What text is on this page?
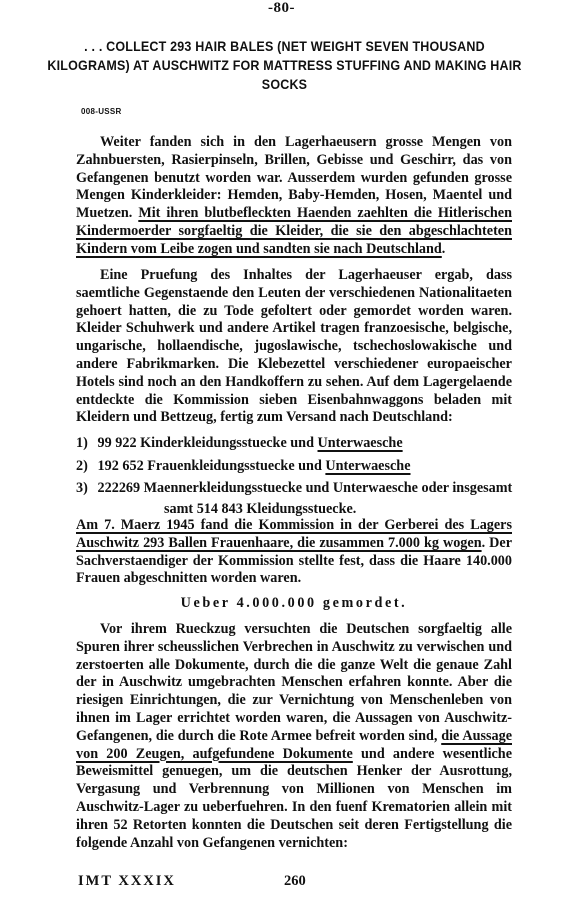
-80-
. . . COLLECT 293 HAIR BALES (NET WEIGHT SEVEN THOUSAND KILOGRAMS) AT AUSCHWITZ FOR MATTRESS STUFFING AND MAKING HAIR SOCKS
008-USSR

Weiter fanden sich in den Lagerhaeusern grosse Mengen von Zahnbuersten, Rasierpinseln, Brillen, Gebisse und Geschirr, das von Gefangenen benutzt worden war. Ausserdem wurden gefunden grosse Mengen Kinderkleider: Hemden, Baby-Hemden, Hosen, Maentel und Muetzen. Mit ihren blutbefleckten Haenden zaehlten die Hitlerischen Kindermoerder sorgfaeltig die Kleider, die sie den abgeschlachteten Kindern vom Leibe zogen und sandten sie nach Deutschland.

Eine Pruefung des Inhaltes der Lagerhaeuser ergab, dass saemtliche Gegenstaende den Leuten der verschiedenen Nationalitaeten gehoert hatten, die zu Tode gefoltert oder gemordet worden waren. Kleider Schuhwerk und andere Artikel tragen franzoesische, belgische, ungarische, hollaendische, jugoslawische, tschechoslowakische und andere Fabrikmarken. Die Klebezettel verschiedener europaeischer Hotels sind noch an den Handkoffern zu sehen. Auf dem Lagergelaende entdeckte die Kommission sieben Eisenbahnwaggons beladen mit Kleidern und Bettzeug, fertig zum Versand nach Deutschland:

1) 99 922 Kinderkleidungsstuecke und Unterwaesche
2) 192 652 Frauenkleidungsstuecke und Unterwaesche
3) 222269 Maennerkleidungsstuecke und Unterwaesche oder insgesamt
samt 514 843 Kleidungsstuecke.

Am 7. Maerz 1945 fand die Kommission in der Gerberei des Lagers Auschwitz 293 Ballen Frauenhaare, die zusammen 7.000 kg wogen. Der Sachverstaendiger der Kommission stellte fest, dass die Haare 140.000 Frauen abgeschnitten worden waren.

Ueber 4.000.000 gemordet.

Vor ihrem Rueckzug versuchten die Deutschen sorgfaeltig alle Spuren ihrer scheusslichen Verbrechen in Auschwitz zu verwischen und zerstoerten alle Dokumente, durch die die ganze Welt die genaue Zahl der in Auschwitz umgebrachten Menschen erfahren konnte. Aber die riesigen Einrichtungen, die zur Vernichtung von Menschenleben von ihnen im Lager errichtet worden waren, die Aussagen von Auschwitz-Gefangenen, die durch die Rote Armee befreit worden sind, die Aussage von 200 Zeugen, aufgefundene Dokumente und andere wesentliche Beweismittel genuegen, um die deutschen Henker der Ausrottung, Vergasung und Verbrennung von Millionen von Menschen im Auschwitz-Lager zu ueberfuehren. In den fuenf Krematorien allein mit ihren 52 Retorten konnten die Deutschen seit deren Fertigstellung die folgende Anzahl von Gefangenen vernichten:

IMT XXXIX	260
